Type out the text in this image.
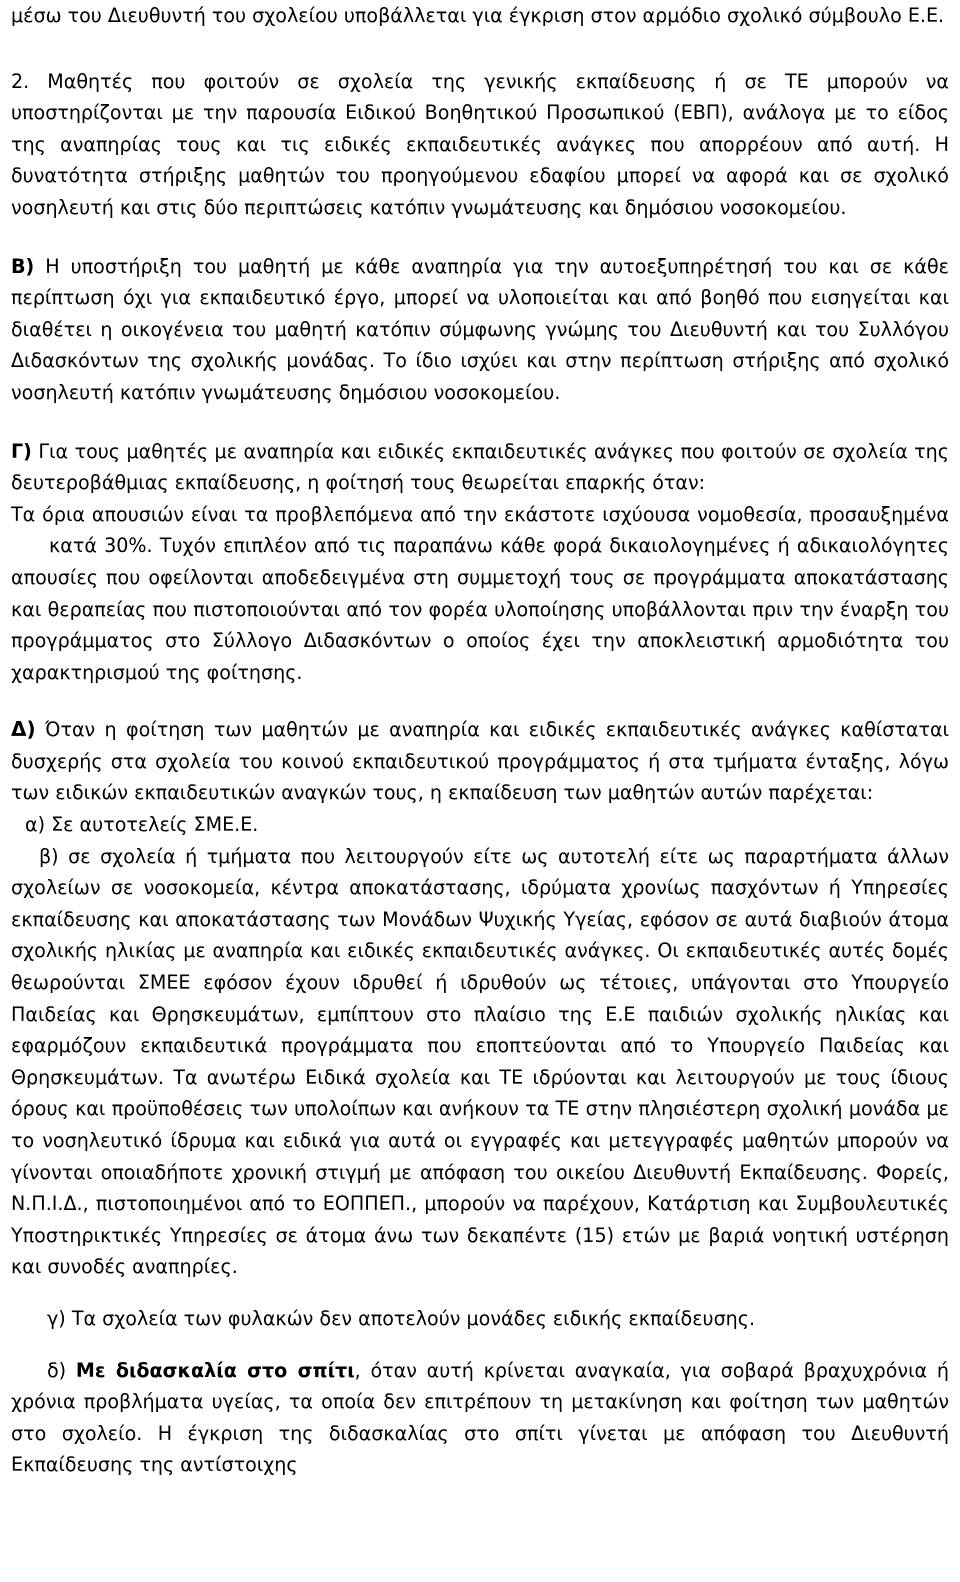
μέσω του Διευθυντή του σχολείου υποβάλλεται για έγκριση στον αρμόδιο σχολικό σύμβουλο Ε.Ε.

2. Μαθητές που φοιτούν σε σχολεία της γενικής εκπαίδευσης ή σε ΤΕ μπορούν να υποστηρίζονται με την παρουσία Ειδικού Βοηθητικού Προσωπικού (ΕΒΠ), ανάλογα με το είδος της αναπηρίας τους και τις ειδικές εκπαιδευτικές ανάγκες που απορρέουν από αυτή. Η δυνατότητα στήριξης μαθητών του προηγούμενου εδαφίου μπορεί να αφορά και σε σχολικό νοσηλευτή και στις δύο περιπτώσεις κατόπιν γνωμάτευσης και δημόσιου νοσοκομείου.

Β) Η υποστήριξη του μαθητή με κάθε αναπηρία για την αυτοεξυπηρέτησή του και σε κάθε περίπτωση όχι για εκπαιδευτικό έργο, μπορεί να υλοποιείται και από βοηθό που εισηγείται και διαθέτει η οικογένεια του μαθητή κατόπιν σύμφωνης γνώμης του Διευθυντή και του Συλλόγου Διδασκόντων της σχολικής μονάδας. Το ίδιο ισχύει και στην περίπτωση στήριξης από σχολικό νοσηλευτή κατόπιν γνωμάτευσης δημόσιου νοσοκομείου.

Γ) Για τους μαθητές με αναπηρία και ειδικές εκπαιδευτικές ανάγκες που φοιτούν σε σχολεία της δευτεροβάθμιας εκπαίδευσης, η φοίτησή τους θεωρείται επαρκής όταν:

Τα όρια απουσιών είναι τα προβλεπόμενα από την εκάστοτε ισχύουσα νομοθεσία, προσαυξημένακατά 30%. Τυχόν επιπλέον από τις παραπάνω κάθε φορά δικαιολογημένες ή αδικαιολόγητες απουσίες που οφείλονται αποδεδειγμένα στη συμμετοχή τους σε προγράμματα αποκατάστασης και θεραπείας που πιστοποιούνται από τον φορέα υλοποίησης υποβάλλονται πριν την έναρξη του προγράμματος στο Σύλλογο Διδασκόντων ο οποίος έχει την αποκλειστική αρμοδιότητα του χαρακτηρισμού της φοίτησης.

Δ) Όταν η φοίτηση των μαθητών με αναπηρία και ειδικές εκπαιδευτικές ανάγκες καθίσταται δυσχερής στα σχολεία του κοινού εκπαιδευτικού προγράμματος ή στα τμήματα ένταξης, λόγω των ειδικών εκπαιδευτικών αναγκών τους, η εκπαίδευση των μαθητών αυτών παρέχεται:

α) Σε αυτοτελείς ΣΜΕ.Ε.

β) σε σχολεία ή τμήματα που λειτουργούν είτε ως αυτοτελή είτε ως παραρτήματα άλλων σχολείων σε νοσοκομεία, κέντρα αποκατάστασης, ιδρύματα χρονίως πασχόντων ή Υπηρεσίες εκπαίδευσης και αποκατάστασης των Μονάδων Ψυχικής Υγείας, εφόσον σε αυτά διαβιούν άτομα σχολικής ηλικίας με αναπηρία και ειδικές εκπαιδευτικές ανάγκες. Οι εκπαιδευτικές αυτές δομές θεωρούνται ΣΜΕΕ εφόσον έχουν ιδρυθεί ή ιδρυθούν ως τέτοιες, υπάγονται στο Υπουργείο Παιδείας και Θρησκευμάτων, εμπίπτουν στο πλαίσιο της Ε.Ε παιδιών σχολικής ηλικίας και εφαρμόζουν εκπαιδευτικά προγράμματα που εποπτεύονται από το Υπουργείο Παιδείας και Θρησκευμάτων. Τα ανωτέρω Ειδικά σχολεία και ΤΕ ιδρύονται και λειτουργούν με τους ίδιους όρους και προϋποθέσεις των υπολοίπων και ανήκουν τα ΤΕ στην πλησιέστερη σχολική μονάδα με το νοσηλευτικό ίδρυμα και ειδικά για αυτά οι εγγραφές και μετεγγραφές μαθητών μπορούν να γίνονται οποιαδήποτε χρονική στιγμή με απόφαση του οικείου Διευθυντή Εκπαίδευσης. Φορείς, Ν.Π.Ι.Δ., πιστοποιημένοι από το ΕΟΠΠΕΠ., μπορούν να παρέχουν, Κατάρτιση και Συμβουλευτικές Υποστηρικτικές Υπηρεσίες σε άτομα άνω των δεκαπέντε (15) ετών με βαριά νοητική υστέρηση και συνοδές αναπηρίες.

γ) Τα σχολεία των φυλακών δεν αποτελούν μονάδες ειδικής εκπαίδευσης.

δ) Με διδασκαλία στο σπίτι, όταν αυτή κρίνεται αναγκαία, για σοβαρά βραχυχρόνια ή χρόνια προβλήματα υγείας, τα οποία δεν επιτρέπουν τη μετακίνηση και φοίτηση των μαθητών στο σχολείο. Η έγκριση της διδασκαλίας στο σπίτι γίνεται με απόφαση του Διευθυντή Εκπαίδευσης της αντίστοιχης
